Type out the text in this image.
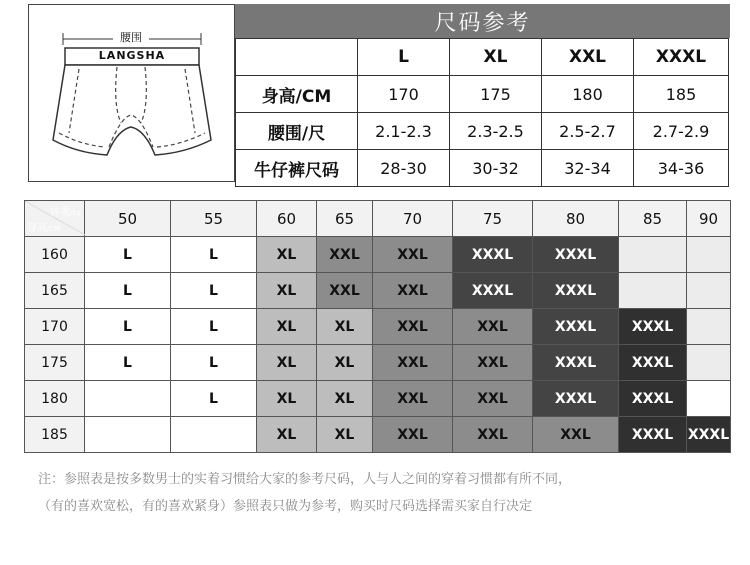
腰围
LANGSHA
尺码参考
	L	XL	XXL	XXXL
身高/CM	170	175	180	185
腰围/尺	2.1-2.3	2.3-2.5	2.5-2.7	2.7-2.9
牛仔裤尺码	28-30	30-32	32-34	34-36
体重/kg
身高/CM	50	55	60	65	70	75	80	85	90
160	L	L	XL	XXL	XXL	XXXL	XXXL		
165	L	L	XL	XXL	XXL	XXXL	XXXL		
170	L	L	XL	XL	XXL	XXL	XXXL	XXXL	
175	L	L	XL	XL	XXL	XXL	XXXL	XXXL	
180		L	XL	XL	XXL	XXL	XXXL	XXXL	
185			XL	XL	XXL	XXL	XXL	XXXL	XXXL
注：参照表是按多数男士的实着习惯给大家的参考尺码，人与人之间的穿着习惯都有所不同，
（有的喜欢宽松，有的喜欢紧身）参照表只做为参考，购买时尺码选择需买家自行决定
